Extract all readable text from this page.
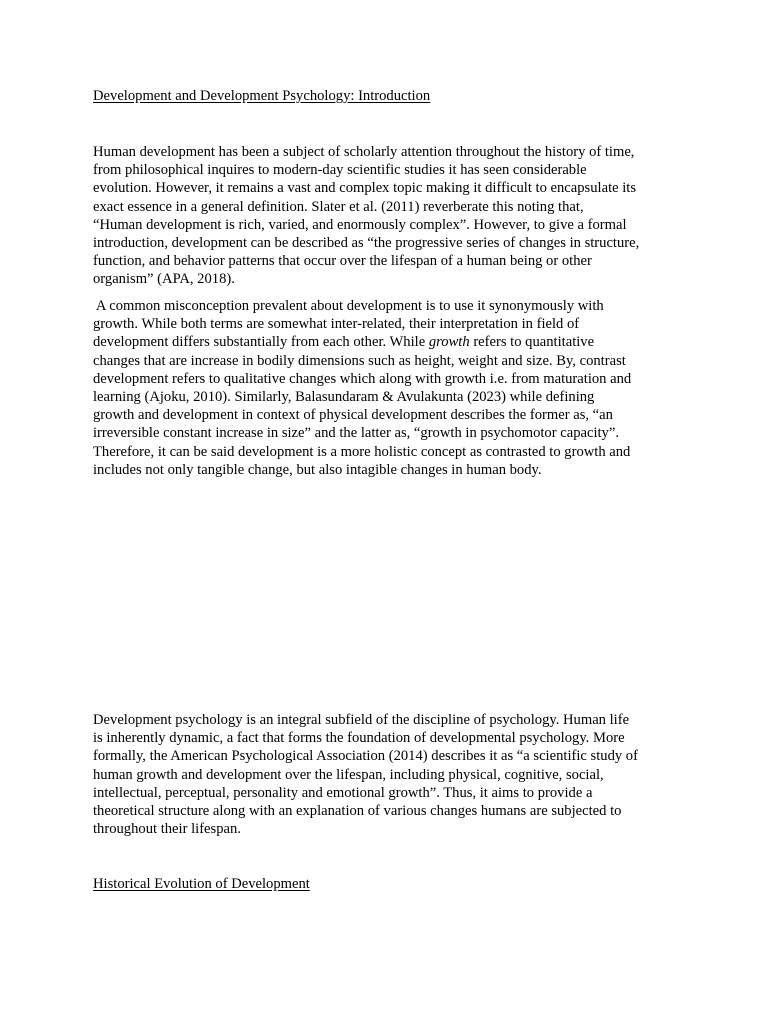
Development and Development Psychology: Introduction
Human development has been a subject of scholarly attention throughout the history of time,
from philosophical inquires to modern-day scientific studies it has seen considerable
evolution. However, it remains a vast and complex topic making it difficult to encapsulate its
exact essence in a general definition. Slater et al. (2011) reverberate this noting that,
“Human development is rich, varied, and enormously complex”. However, to give a formal
introduction, development can be described as “the progressive series of changes in structure,
function, and behavior patterns that occur over the lifespan of a human being or other
organism” (APA, 2018).
A common misconception prevalent about development is to use it synonymously with
growth. While both terms are somewhat inter-related, their interpretation in field of
development differs substantially from each other. While growth refers to quantitative
changes that are increase in bodily dimensions such as height, weight and size. By, contrast
development refers to qualitative changes which along with growth i.e. from maturation and
learning (Ajoku, 2010). Similarly, Balasundaram & Avulakunta (2023) while defining
growth and development in context of physical development describes the former as, “an
irreversible constant increase in size” and the latter as, “growth in psychomotor capacity”.
Therefore, it can be said development is a more holistic concept as contrasted to growth and
includes not only tangible change, but also intagible changes in human body.
Development psychology is an integral subfield of the discipline of psychology. Human life
is inherently dynamic, a fact that forms the foundation of developmental psychology. More
formally, the American Psychological Association (2014) describes it as “a scientific study of
human growth and development over the lifespan, including physical, cognitive, social,
intellectual, perceptual, personality and emotional growth”. Thus, it aims to provide a
theoretical structure along with an explanation of various changes humans are subjected to
throughout their lifespan.
Historical Evolution of Development
